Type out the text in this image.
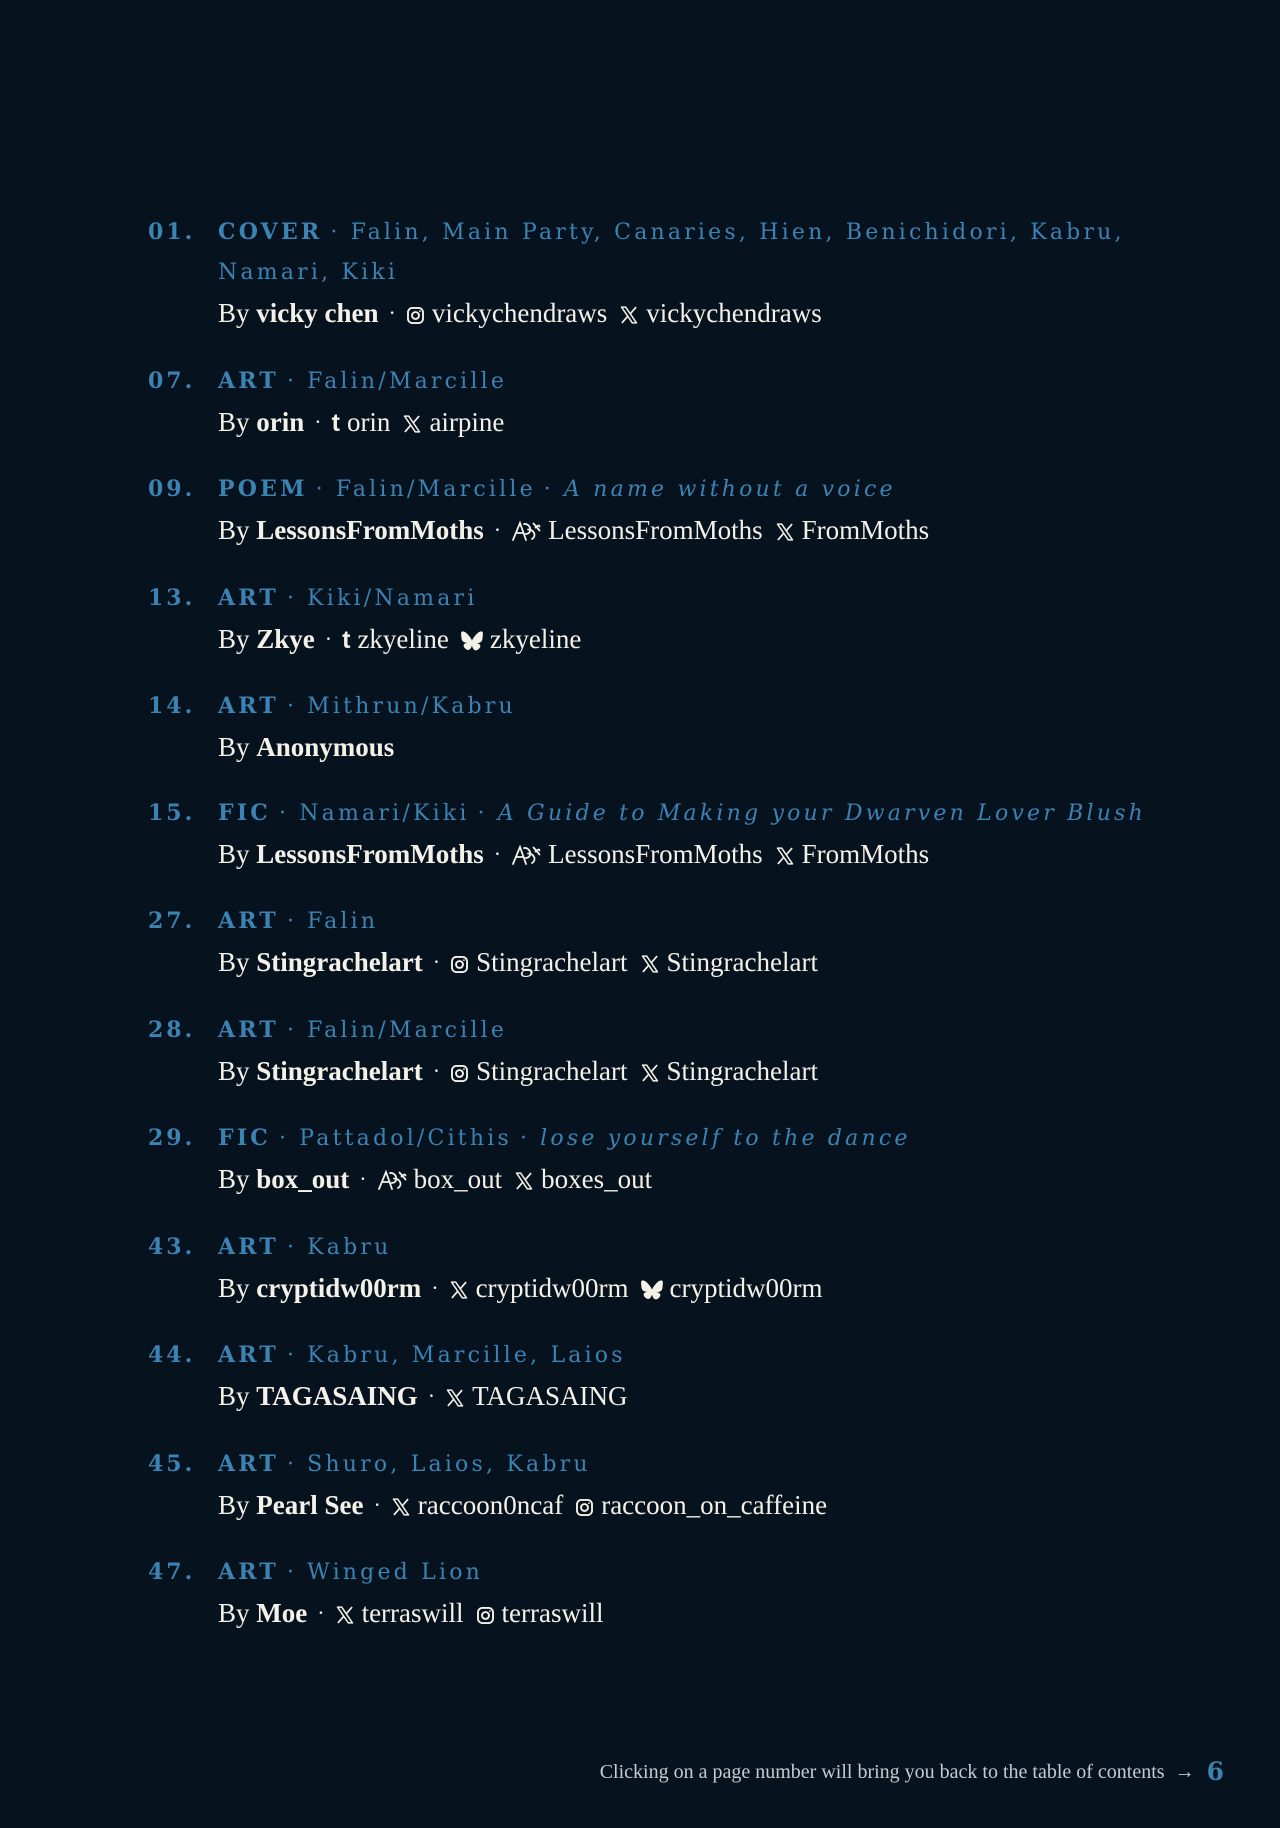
01.	COVER · Falin, Main Party, Canaries, Hien, Benichidori, Kabru, Namari, Kiki
By vicky chen · vickychendraws vickychendraws
07.	ART · Falin/Marcille
By orin · t orin airpine
09.	POEM · Falin/Marcille · A name without a voice
By LessonsFromMoths · LessonsFromMoths FromMoths
13.	ART · Kiki/Namari
By Zkye · t zkyeline zkyeline
14.	ART · Mithrun/Kabru
By Anonymous
15.	FIC · Namari/Kiki · A Guide to Making your Dwarven Lover Blush
By LessonsFromMoths · LessonsFromMoths FromMoths
27.	ART · Falin
By Stingrachelart · Stingrachelart Stingrachelart
28.	ART · Falin/Marcille
By Stingrachelart · Stingrachelart Stingrachelart
29.	FIC · Pattadol/Cithis · lose yourself to the dance
By box_out · box_out boxes_out
43.	ART · Kabru
By cryptidw00rm · cryptidw00rm cryptidw00rm
44.	ART · Kabru, Marcille, Laios
By TAGASAING · TAGASAING
45.	ART · Shuro, Laios, Kabru
By Pearl See · raccoon0ncaf raccoon_on_caffeine
47.	ART · Winged Lion
By Moe · terraswill terraswill
Clicking on a page number will bring you back to the table of contents → 6
